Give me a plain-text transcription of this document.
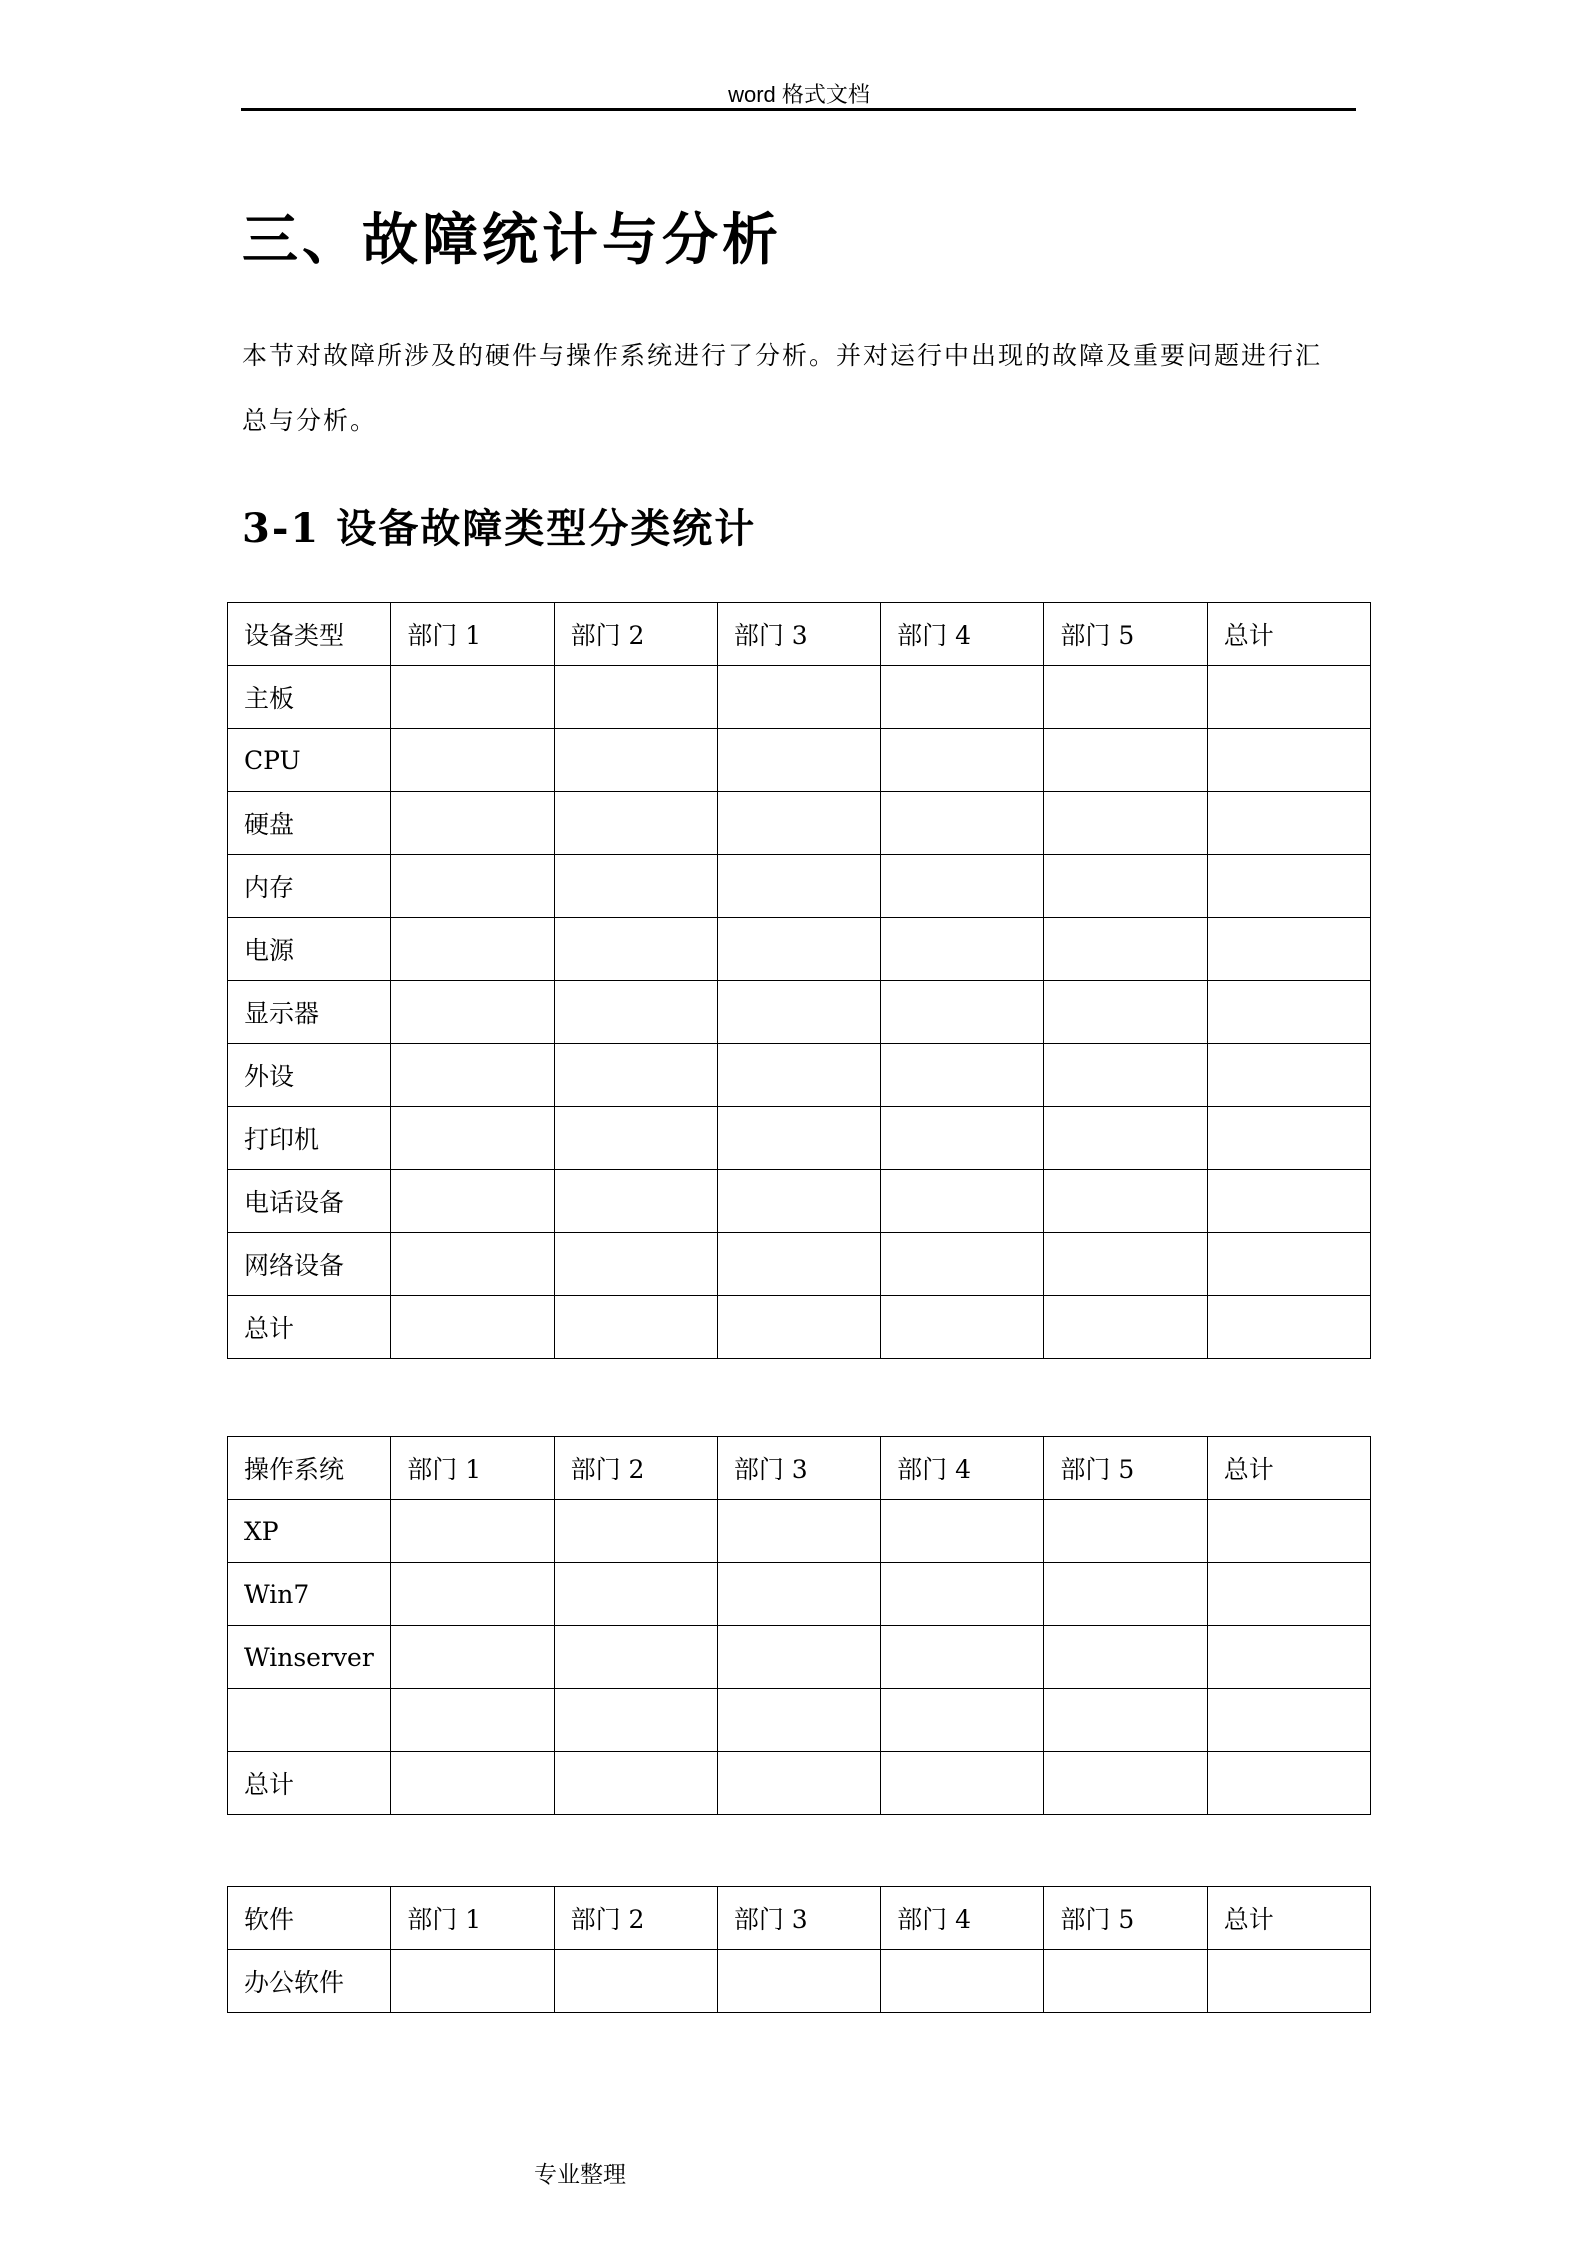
word 格式文档
三、故障统计与分析
本节对故障所涉及的硬件与操作系统进行了分析。并对运行中出现的故障及重要问题进行汇
总与分析。
3-1 设备故障类型分类统计
设备类型	部门 1	部门 2	部门 3	部门 4	部门 5	总计
主板						
CPU						
硬盘						
内存						
电源						
显示器						
外设						
打印机						
电话设备						
网络设备						
总计						
操作系统	部门 1	部门 2	部门 3	部门 4	部门 5	总计
XP						
Win7						
Winserver						

总计						
软件	部门 1	部门 2	部门 3	部门 4	部门 5	总计
办公软件						
专业整理
